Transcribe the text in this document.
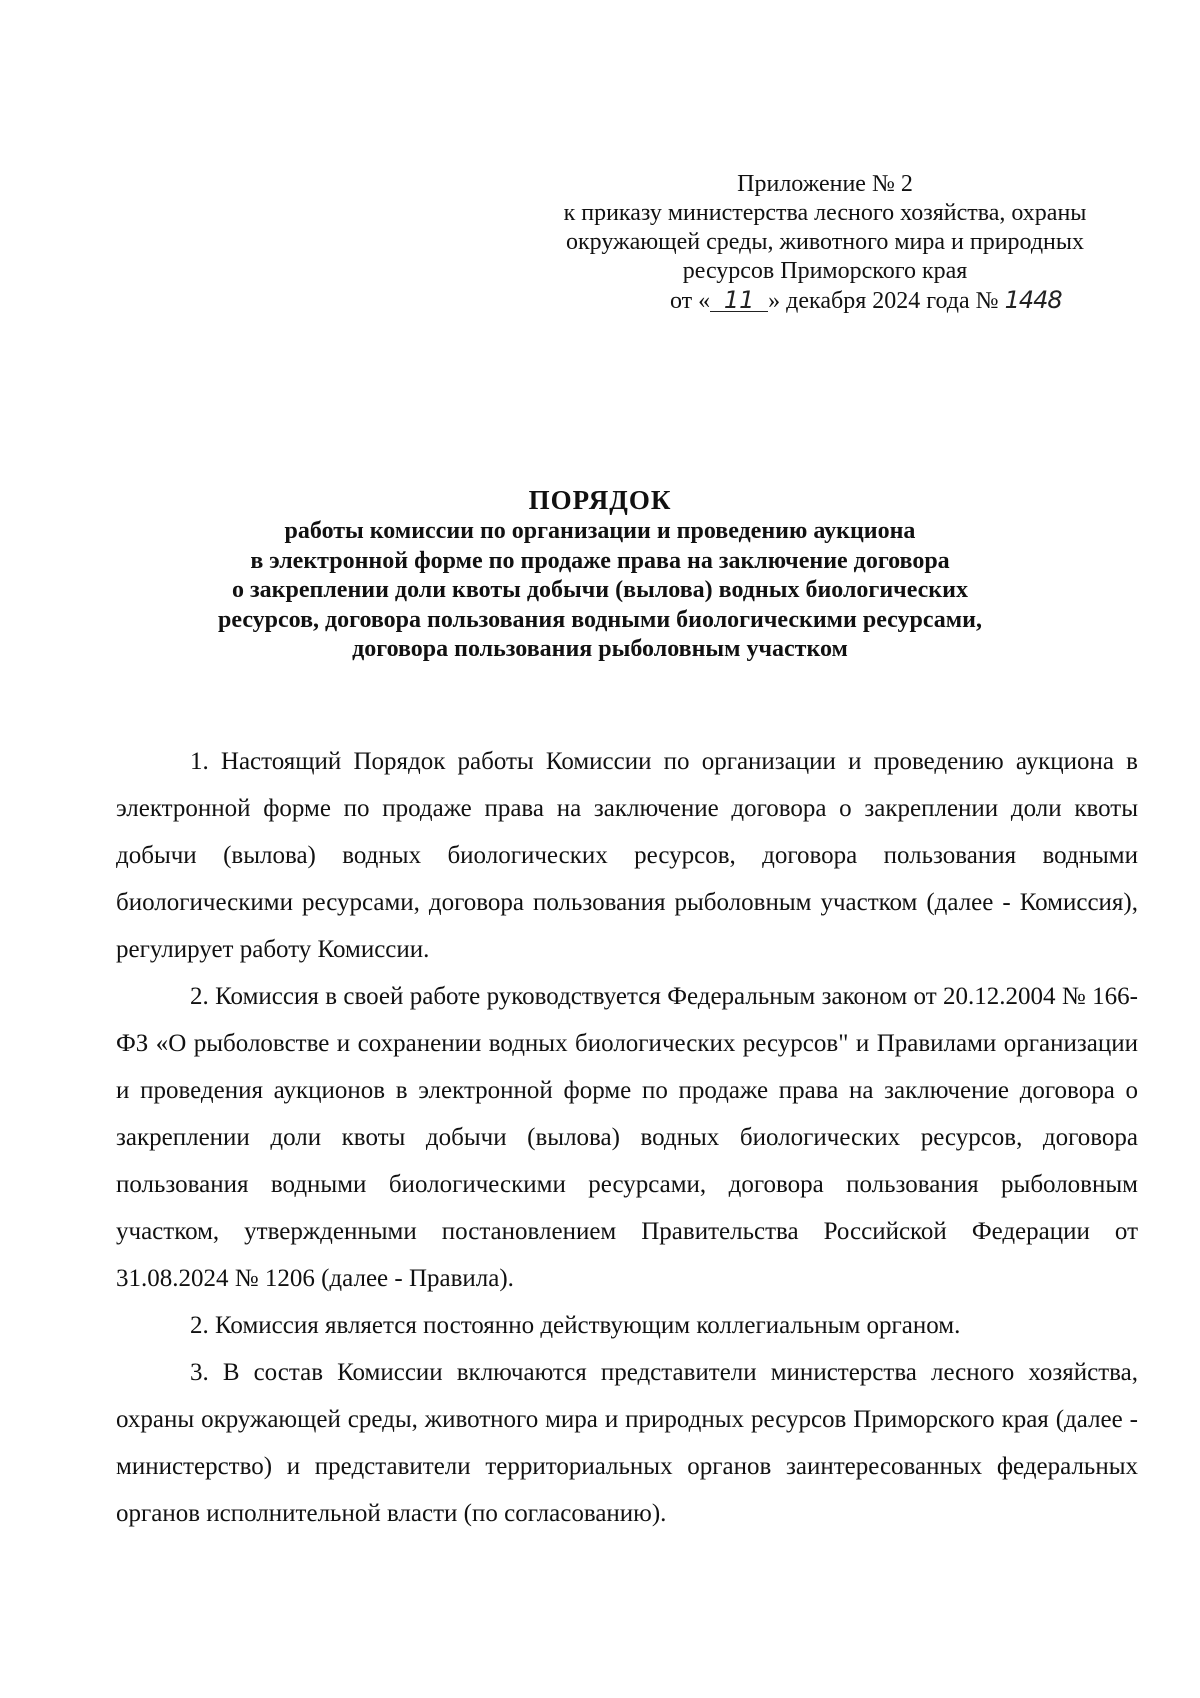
Приложение № 2
к приказу министерства лесного хозяйства, охраны
окружающей среды, животного мира и природных
ресурсов Приморского края
от « 11 » декабря 2024 года № 1448
ПОРЯДОК
работы комиссии по организации и проведению аукциона
в электронной форме по продаже права на заключение договора
о закреплении доли квоты добычи (вылова) водных биологических
ресурсов, договора пользования водными биологическими ресурсами,
договора пользования рыболовным участком

1. Настоящий Порядок работы Комиссии по организации и проведению аукциона в электронной форме по продаже права на заключение договора о закреплении доли квоты добычи (вылова) водных биологических ресурсов, договора пользования водными биологическими ресурсами, договора пользования рыболовным участком (далее - Комиссия), регулирует работу Комиссии.

2. Комиссия в своей работе руководствуется Федеральным законом от 20.12.2004 № 166-ФЗ «О рыболовстве и сохранении водных биологических ресурсов" и Правилами организации и проведения аукционов в электронной форме по продаже права на заключение договора о закреплении доли квоты добычи (вылова) водных биологических ресурсов, договора пользования водными биологическими ресурсами, договора пользования рыболовным участком, утвержденными постановлением Правительства Российской Федерации от 31.08.2024 № 1206 (далее - Правила).

2. Комиссия является постоянно действующим коллегиальным органом.

3. В состав Комиссии включаются представители министерства лесного хозяйства, охраны окружающей среды, животного мира и природных ресурсов Приморского края (далее - министерство) и представители территориальных органов заинтересованных федеральных органов исполнительной власти (по согласованию).
